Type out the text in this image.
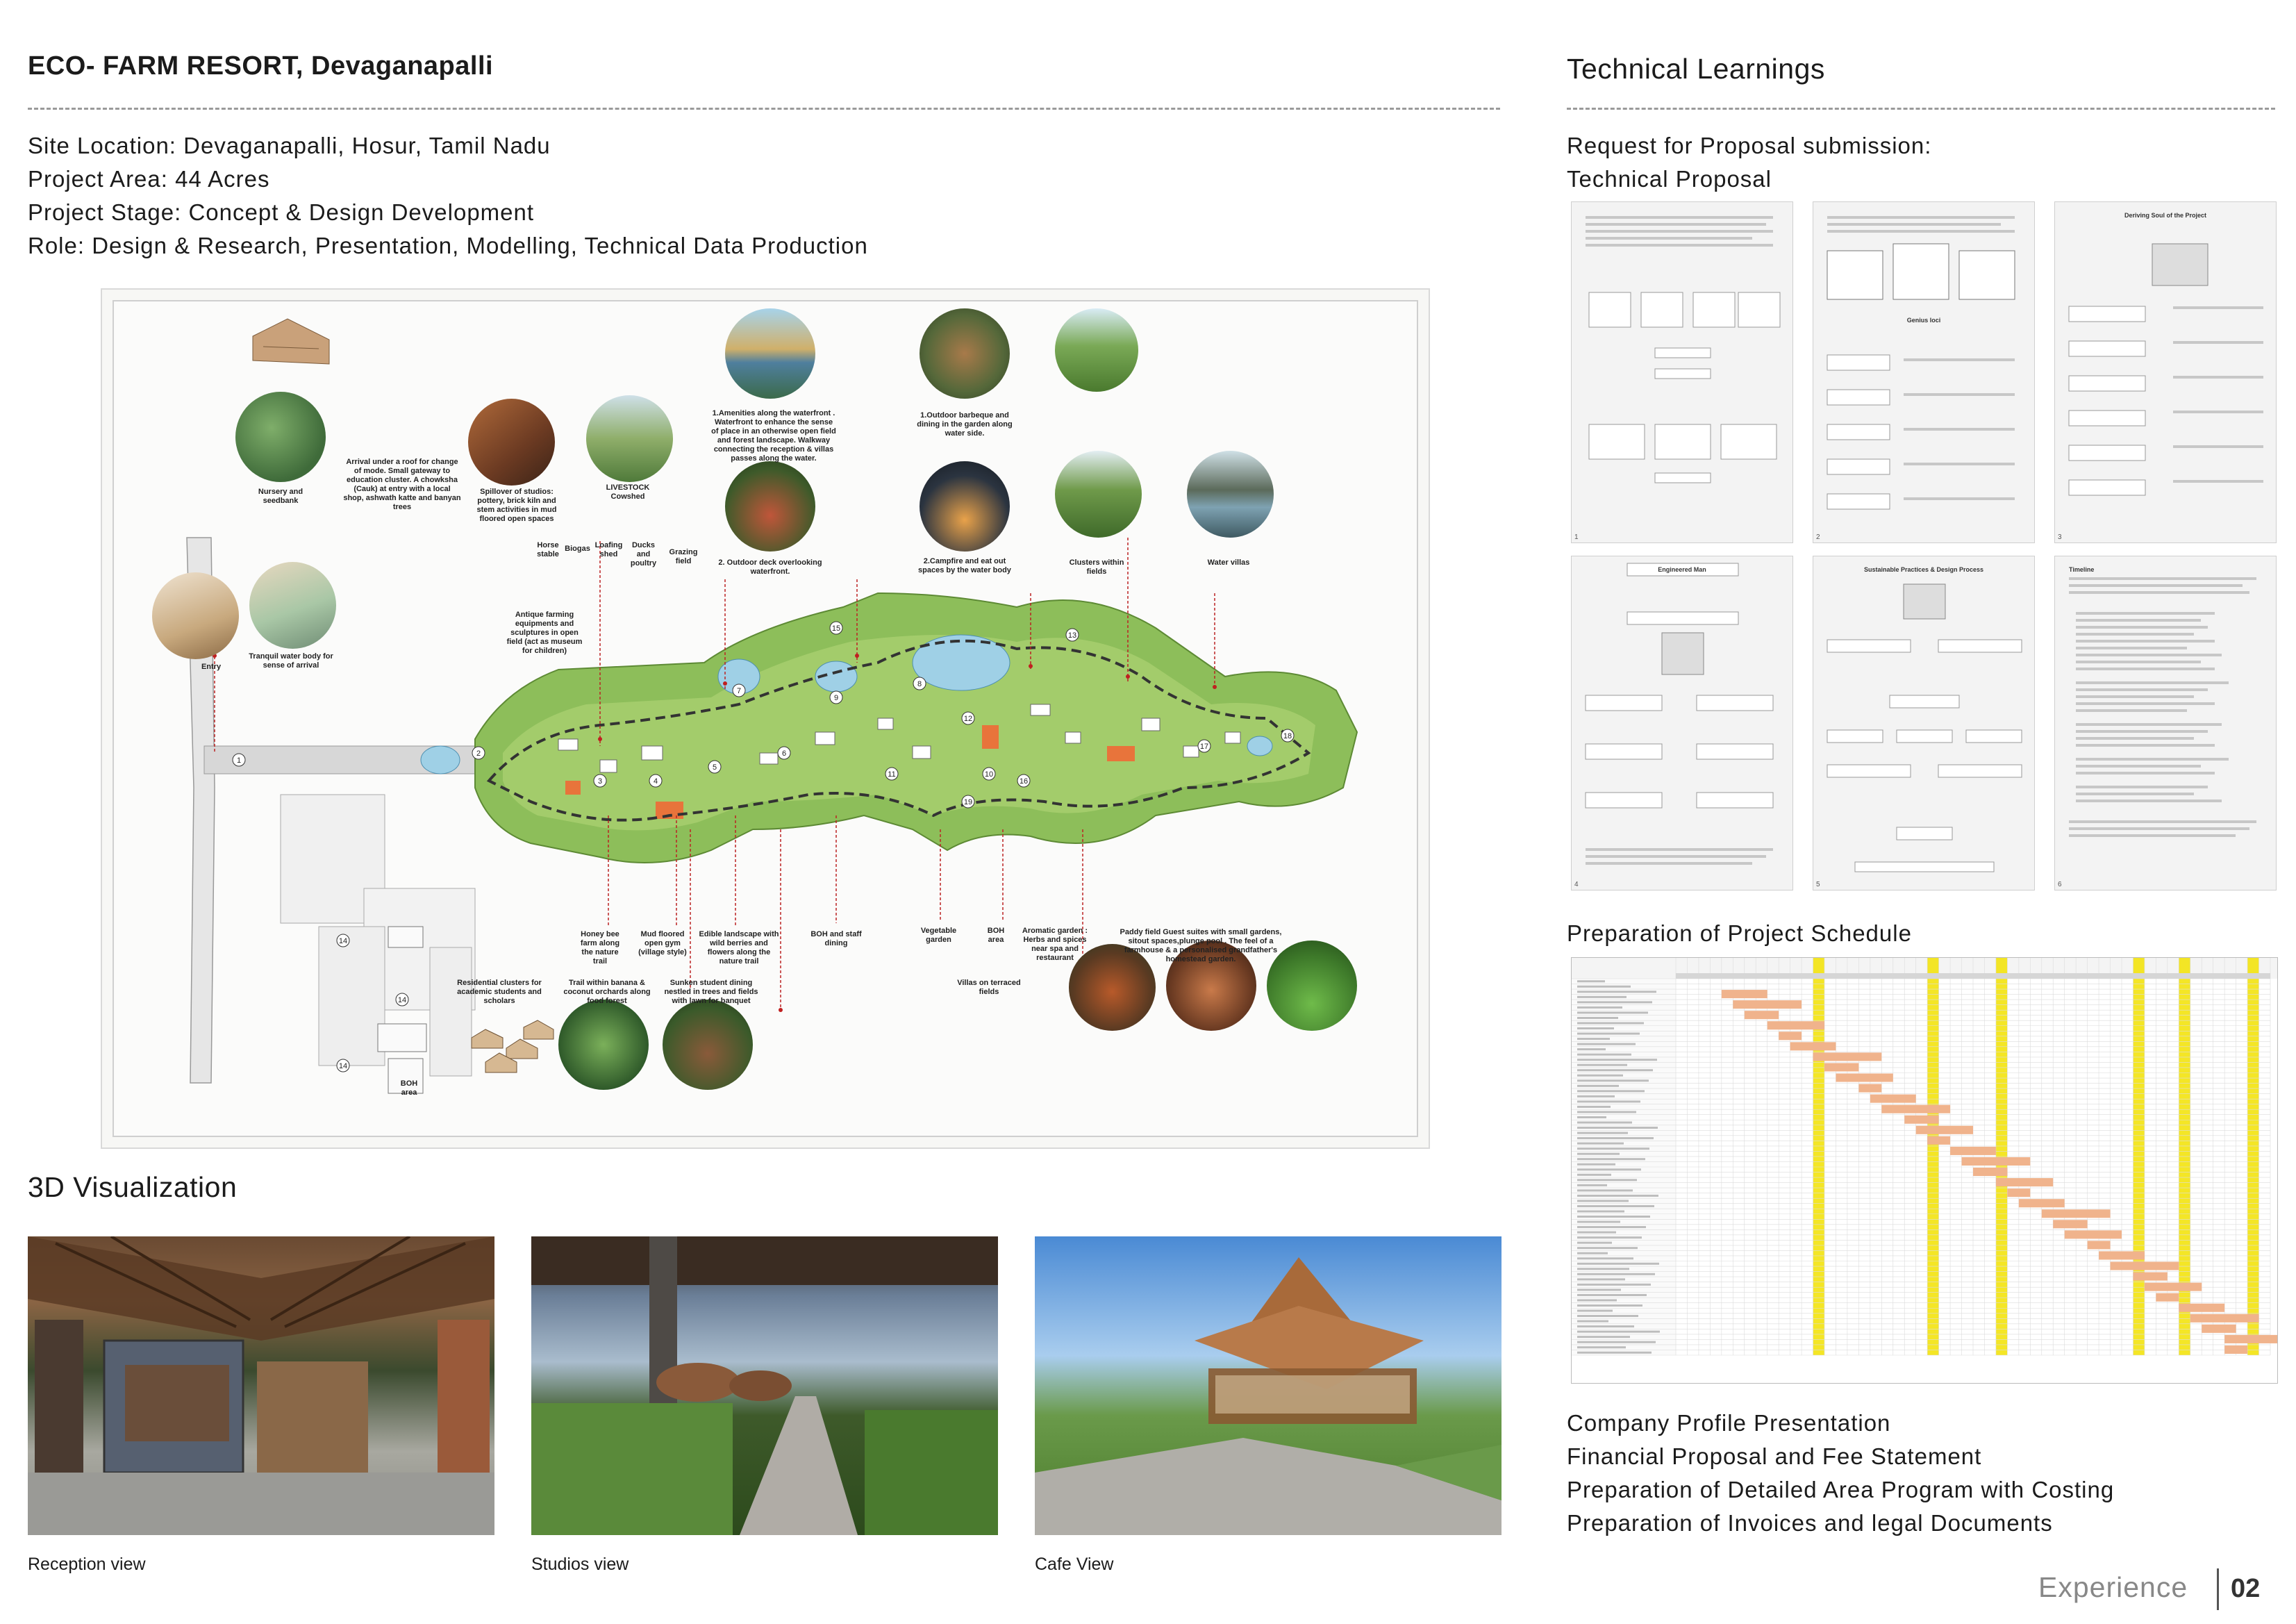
ECO- FARM RESORT, Devaganapalli
Site Location: Devaganapalli, Hosur, Tamil Nadu
Project Area: 44 Acres
Project Stage: Concept & Design Development
Role: Design & Research, Presentation, Modelling, Technical Data Production
1
2
3	4
5
6
7
8
9
10
11
12
13
15
16
17
18
19
14
14
14
Nursery and seedbank
Entry
Tranquil water body for sense of arrival
Arrival under a roof for change of mode. Small gateway to education cluster. A chowksha (Cauk) at entry with a local shop, ashwath katte and banyan trees
Spillover of studios: pottery, brick kiln and stem activities in mud floored open spaces
LIVESTOCK Cowshed
Horse stable
Biogas Loafing shed
Ducks and poultry
Grazing field
Antique farming equipments and sculptures in open field (act as museum for children)
1.Amenities along the waterfront . Waterfront to enhance the sense of place in an otherwise open field and forest landscape. Walkway connecting the reception & villas passes along the water.
2. Outdoor deck overlooking waterfront.
1.Outdoor barbeque and dining in the garden along water side.
2.Campfire and eat out spaces by the water body
Clusters within fields
Water villas
Honey bee farm along the nature trail
Mud floored open gym (village style)
Edible landscape with wild berries and flowers along the nature trail
BOH and staff dining
Vegetable garden
BOH area
Aromatic garden : Herbs and spices near spa and restaurant
Paddy field Guest suites with small gardens, sitout spaces,plunge pool . The feel of a farmhouse & a personalised grandfather's homestead garden.
Residential clusters for academic students and scholars
Trail within banana & coconut orchards along food forest
Sunken student dining nestled in trees and fields with lawn for banquet
Villas on terraced fields
BOH area
3D Visualization
Reception view	Studios view	Cafe View
Technical Learnings
Request for Proposal submission:
Technical Proposal
1
Genius loci
2
Deriving Soul of the Project
3
Engineered Man
4
Sustainable Practices & Design Process
5
Timeline
6
Preparation of Project Schedule
Company Profile Presentation
Financial Proposal and Fee Statement
Preparation of Detailed Area Program with Costing
Preparation of Invoices and legal Documents
Experience 02
